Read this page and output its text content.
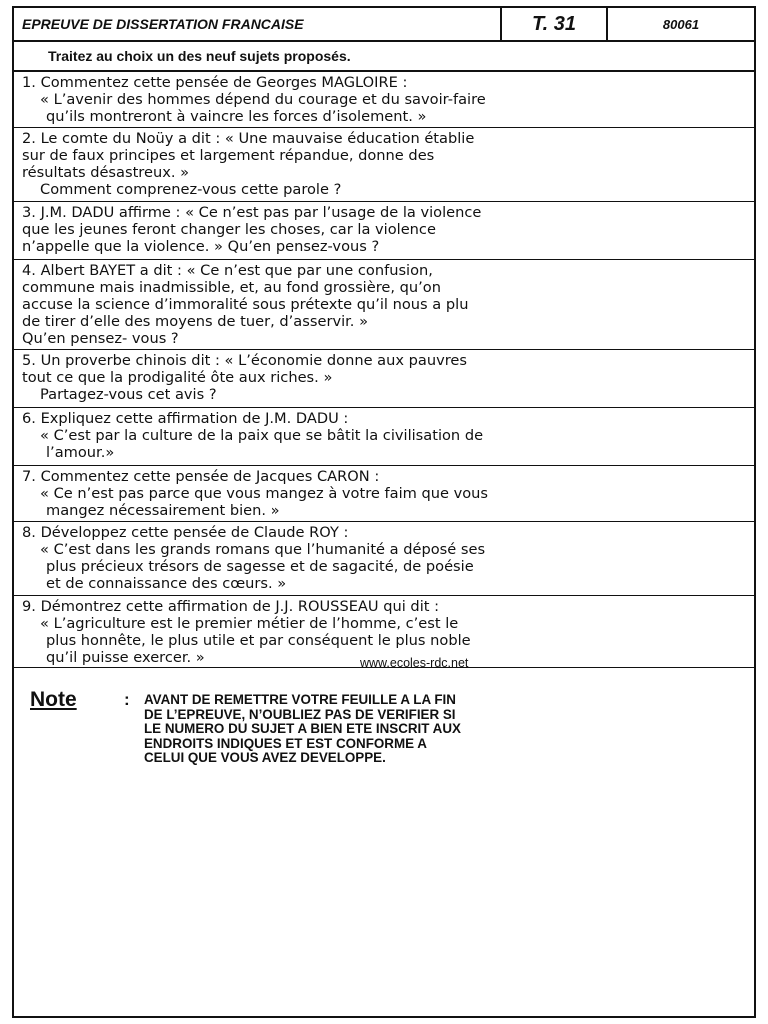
EPREUVE DE DISSERTATION FRANCAISE	T. 31	80061
Traitez au choix un des neuf sujets proposés.
1. Commentez cette pensée de Georges MAGLOIRE :
« L’avenir des hommes dépend du courage et du savoir-faire
qu’ils montreront à vaincre les forces d’isolement. »
2. Le comte du Noüy a dit : « Une mauvaise éducation établie
sur de faux principes et largement répandue, donne des
résultats désastreux. »
Comment comprenez-vous cette parole ?
3. J.M. DADU affirme : « Ce n’est pas par l’usage de la violence
que les jeunes feront changer les choses, car la violence
n’appelle que la violence. » Qu’en pensez-vous ?
4. Albert BAYET a dit : « Ce n’est que par une confusion,
commune mais inadmissible, et, au fond grossière, qu’on
accuse la science d’immoralité sous prétexte qu’il nous a plu
de tirer d’elle des moyens de tuer, d’asservir. »
Qu’en pensez- vous ?
5. Un proverbe chinois dit : « L’économie donne aux pauvres
tout ce que la prodigalité ôte aux riches. »
Partagez-vous cet avis ?
6. Expliquez cette affirmation de J.M. DADU :
« C’est par la culture de la paix que se bâtit la civilisation de
l’amour.»
7. Commentez cette pensée de Jacques CARON :
« Ce n’est pas parce que vous mangez à votre faim que vous
mangez nécessairement bien. »
8. Développez cette pensée de Claude ROY :
« C’est dans les grands romans que l’humanité a déposé ses
plus précieux trésors de sagesse et de sagacité, de poésie
et de connaissance des cœurs. »
9. Démontrez cette affirmation de J.J. ROUSSEAU qui dit :
« L’agriculture est le premier métier de l’homme, c’est le
plus honnête, le plus utile et par conséquent le plus noble
qu’il puisse exercer. »	www.ecoles-rdc.net
Note	: AVANT DE REMETTRE VOTRE FEUILLE A LA FIN
DE L’EPREUVE, N’OUBLIEZ PAS DE VERIFIER SI
LE NUMERO DU SUJET A BIEN ETE INSCRIT AUX
ENDROITS INDIQUES ET EST CONFORME A
CELUI QUE VOUS AVEZ DEVELOPPE.
